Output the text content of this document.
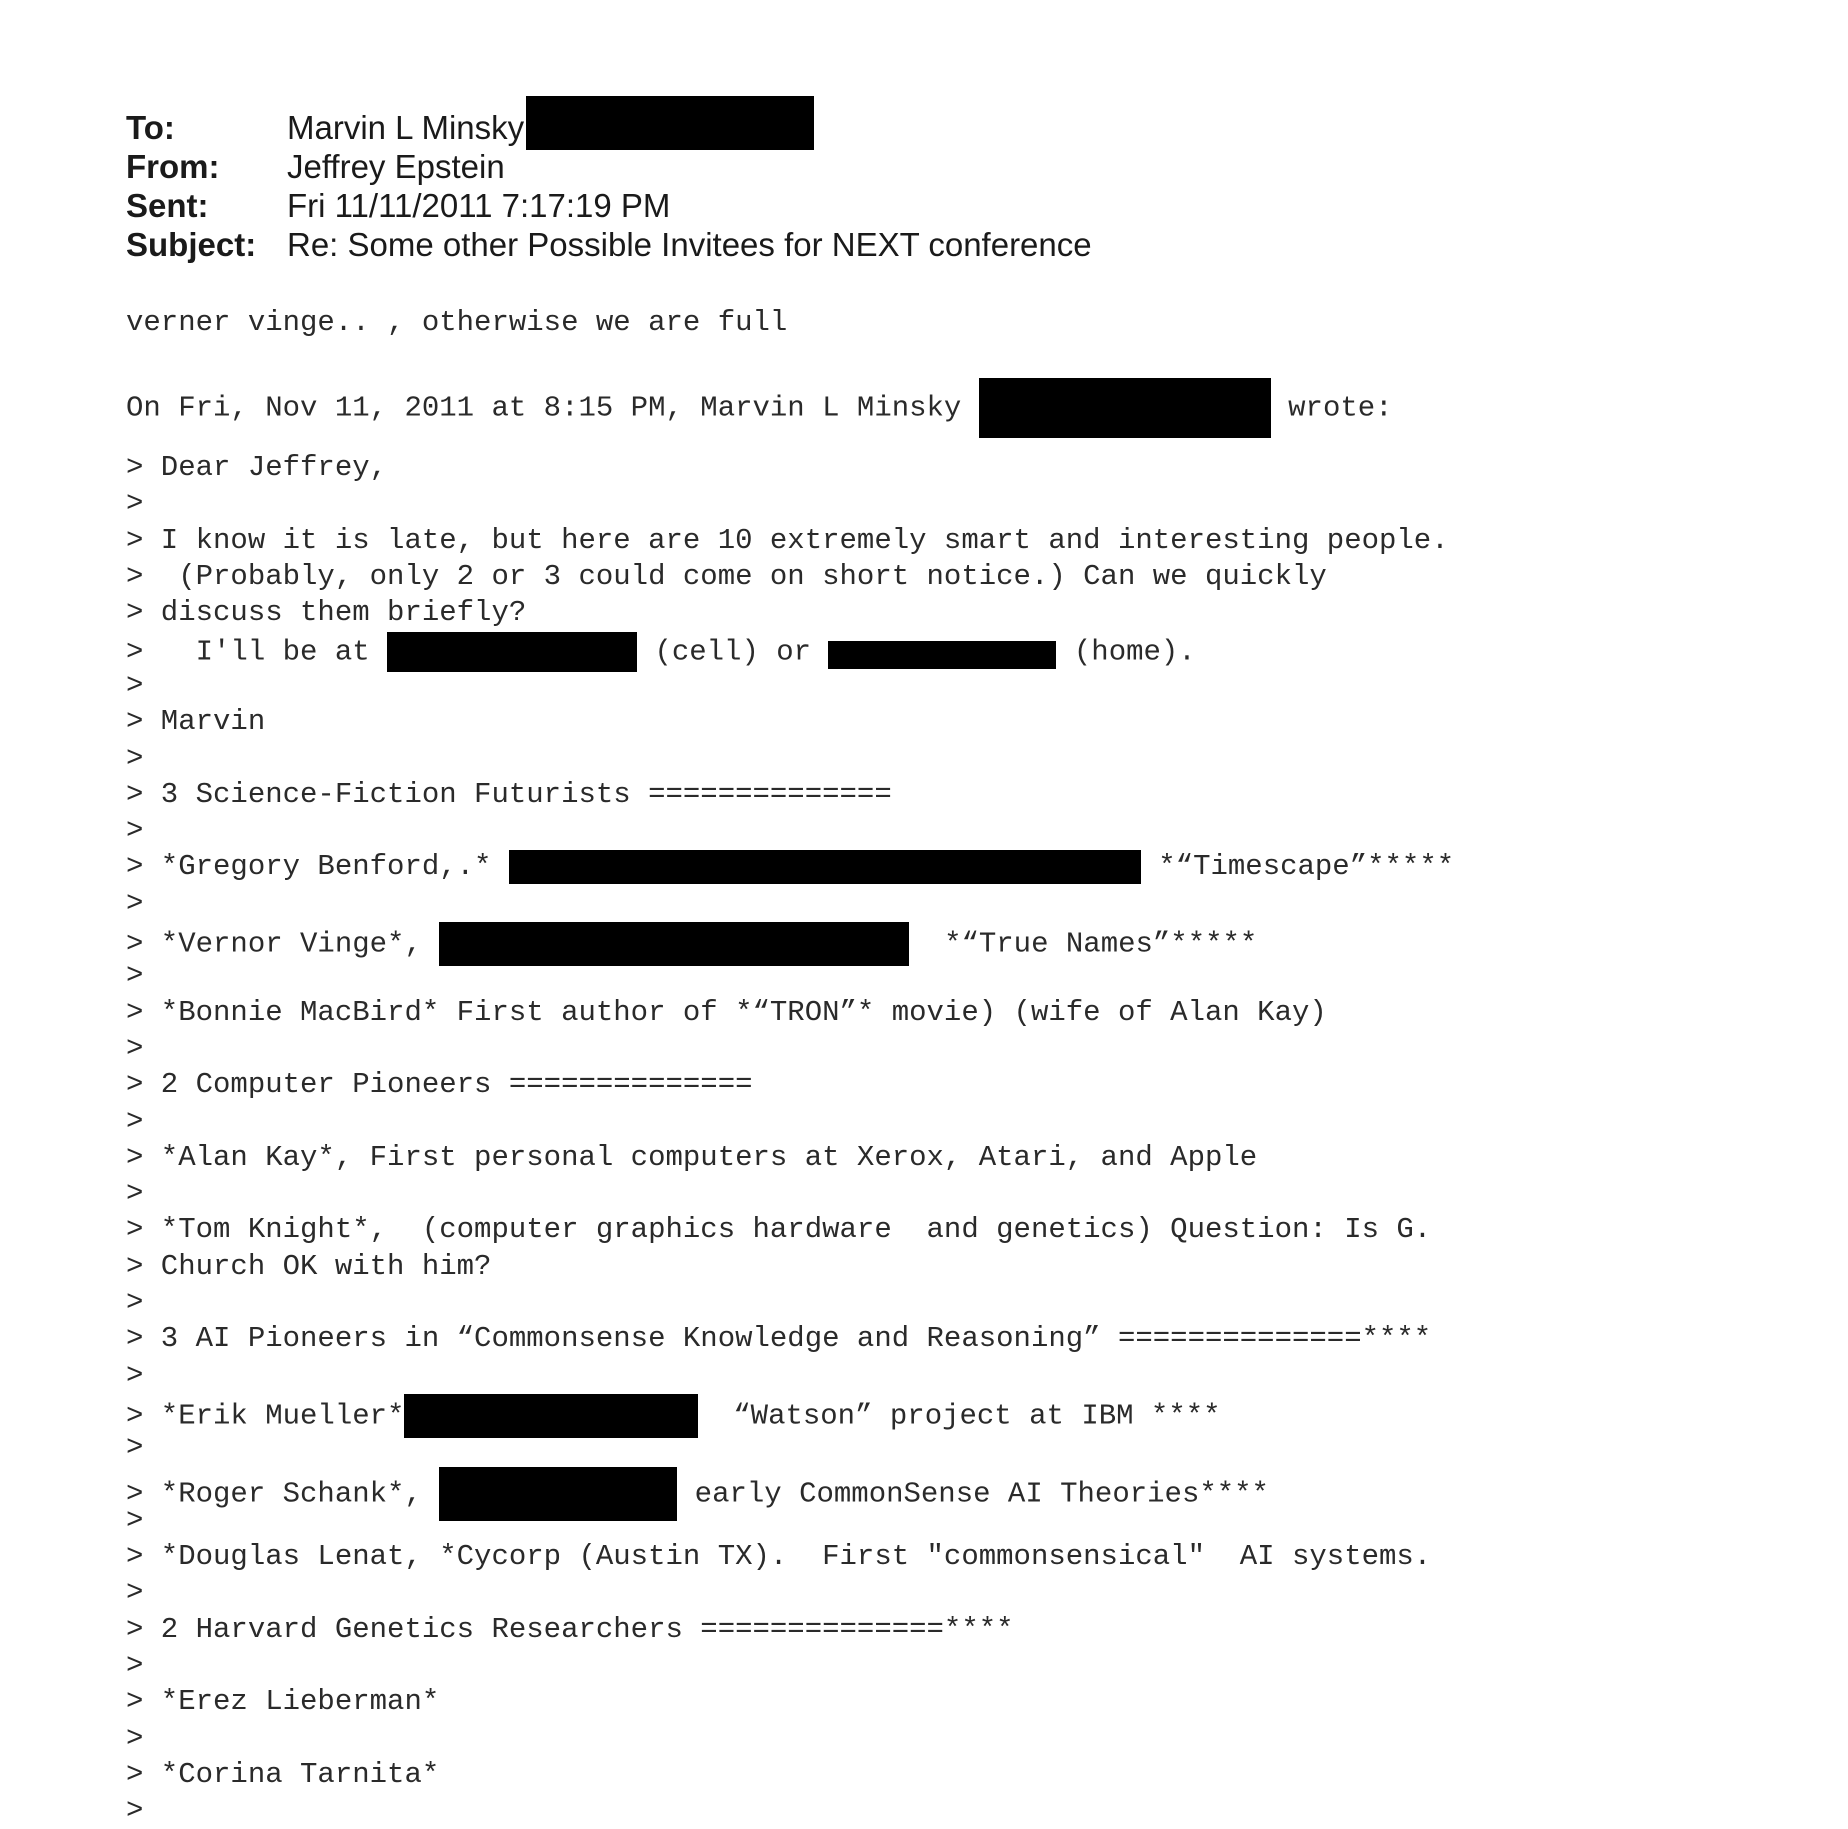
To:	Marvin L Minsky
From: Jeffrey Epstein
Sent: Fri 11/11/2011 7:17:19 PM
Subject: Re: Some other Possible Invitees for NEXT conference
verner vinge.. , otherwise we are full
On Fri, Nov 11, 2011 at 8:15 PM, Marvin L Minsky	wrote:
> Dear Jeffrey,
>
> I know it is late, but here are 10 extremely smart and interesting people.
>  (Probably, only 2 or 3 could come on short notice.) Can we quickly
> discuss them briefly?
>   I'll be at	(cell) or	(home).
>
> Marvin
>
> 3 Science-Fiction Futurists ==============
>
> *Gregory Benford,.*	*“Timescape”*****
>
> *Vernor Vinge*,	*“True Names”*****
>
> *Bonnie MacBird* First author of *“TRON”* movie) (wife of Alan Kay)
>
> 2 Computer Pioneers ==============
>
> *Alan Kay*, First personal computers at Xerox, Atari, and Apple
>
> *Tom Knight*,  (computer graphics hardware  and genetics) Question: Is G.
> Church OK with him?
>
> 3 AI Pioneers in “Commonsense Knowledge and Reasoning” ==============****
>
> *Erik Mueller*	“Watson” project at IBM ****
>
> *Roger Schank*,	early CommonSense AI Theories****
>
> *Douglas Lenat, *Cycorp (Austin TX).  First "commonsensical"  AI systems.
>
> 2 Harvard Genetics Researchers ==============****
>
> *Erez Lieberman*
>
> *Corina Tarnita*
>
